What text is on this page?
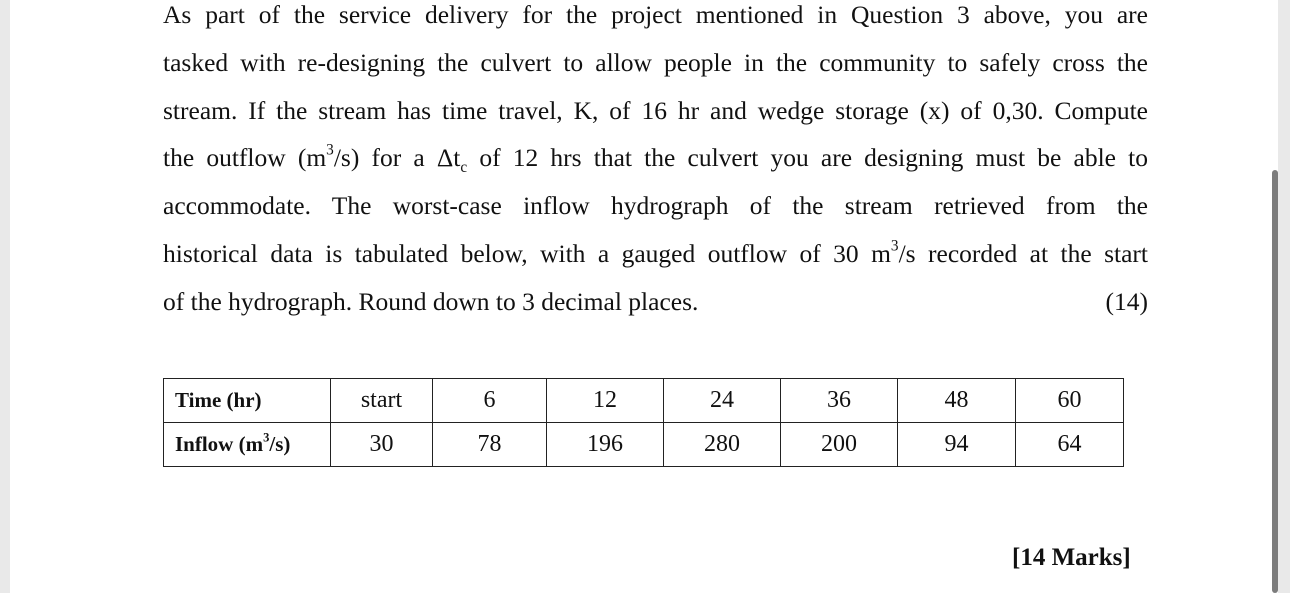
As part of the service delivery for the project mentioned in Question 3 above, you are
tasked with re-designing the culvert to allow people in the community to safely cross the
stream. If the stream has time travel, K, of 16 hr and wedge storage (x) of 0,30. Compute
the outflow $(m^3/s)$ for a $\Delta t_c$ of 12 hrs that the culvert you are designing must be able to
accommodate. The worst-case inflow hydrograph of the stream retrieved from the
historical data is tabulated below, with a gauged outflow of 30 $m^3/s$ recorded at the start
of the hydrograph. Round down to 3 decimal places.	(14)
Time (hr)	start	6	12	24	36	48	60
Inflow $(m^3/s)$	30	78	196	280	200	94	64
[14 Marks]
